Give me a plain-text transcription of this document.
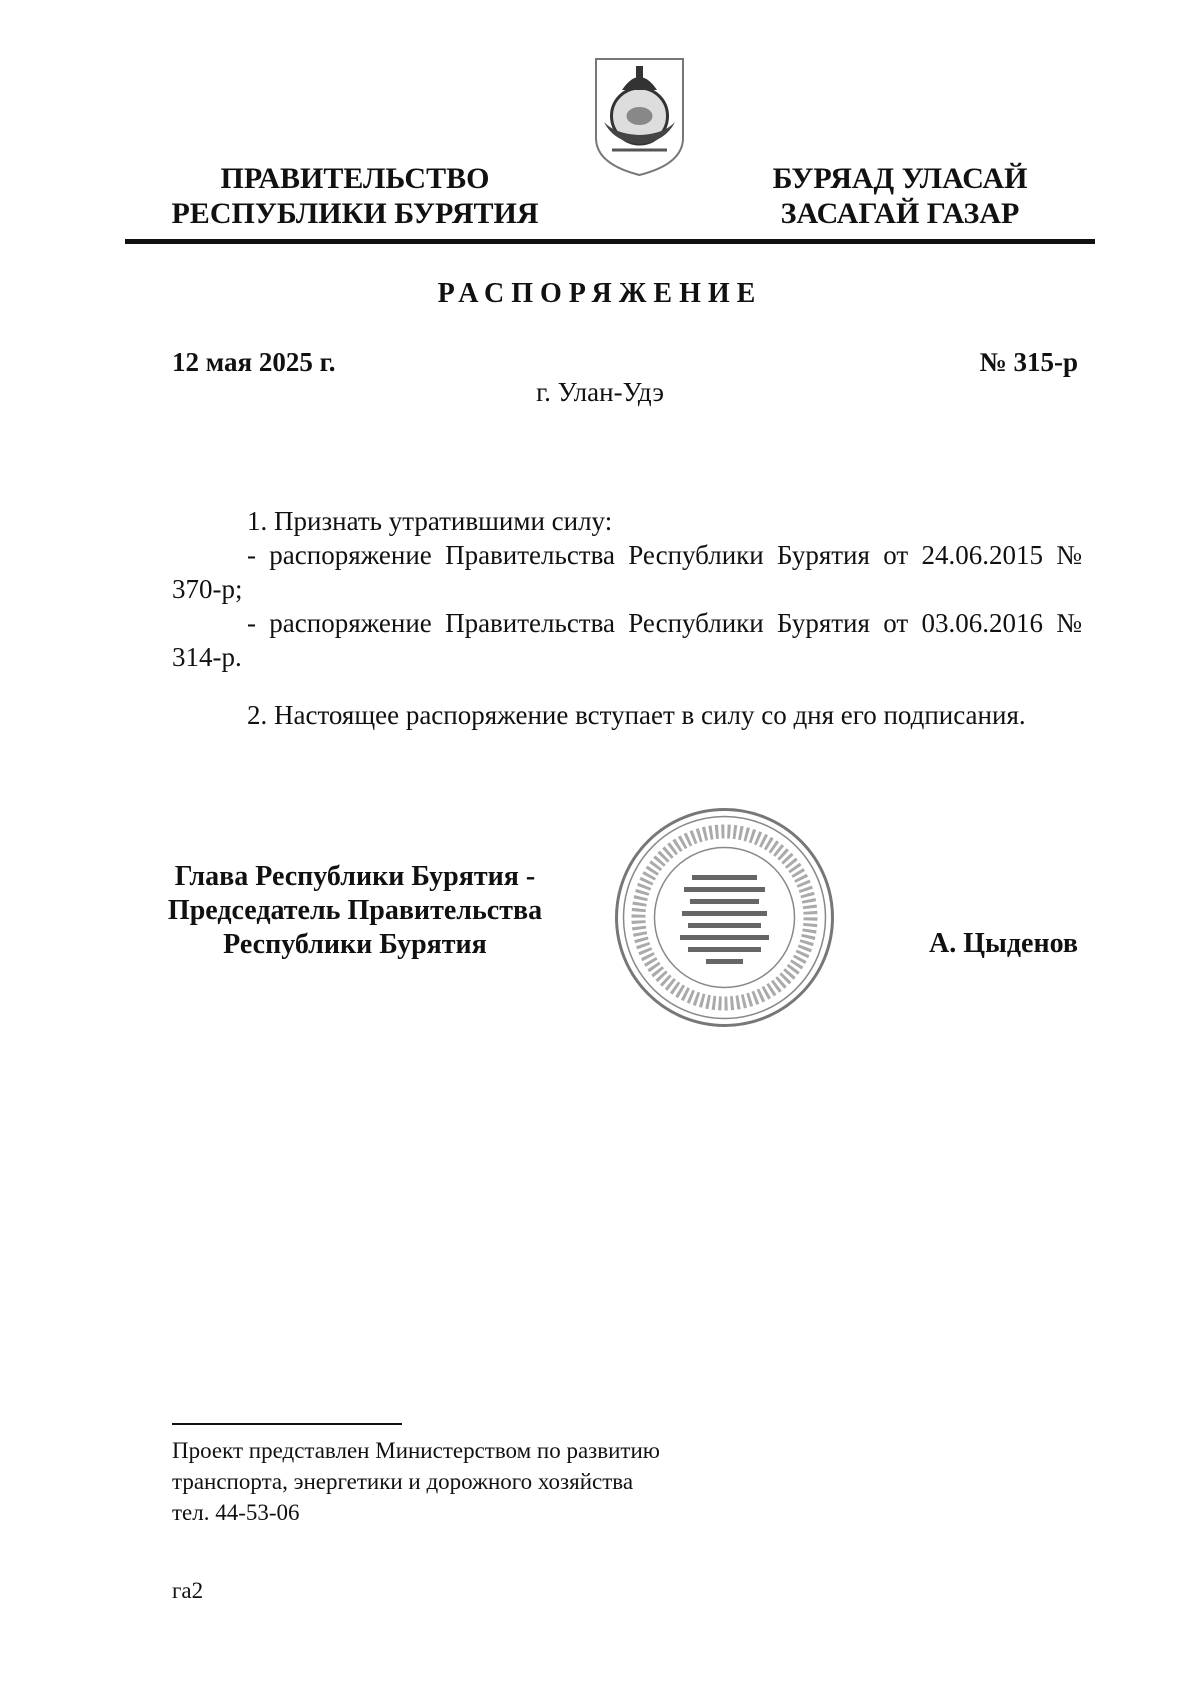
ПРАВИТЕЛЬСТВО
РЕСПУБЛИКИ БУРЯТИЯ
БУРЯАД УЛАСАЙ
ЗАСАГАЙ ГАЗАР
РАСПОРЯЖЕНИЕ
12 мая 2025 г.	№ 315-р
г. Улан-Удэ

1. Признать утратившими силу:

- распоряжение Правительства Республики Бурятия от 24.06.2015 № 370-р;

- распоряжение Правительства Республики Бурятия от 03.06.2016 № 314-р.

2. Настоящее распоряжение вступает в силу со дня его подписания.

Глава Республики Бурятия -
Председатель Правительства
Республики Бурятия	А. Цыденов
Проект представлен Министерством по развитию
транспорта, энергетики и дорожного хозяйства
тел. 44-53-06
га2
